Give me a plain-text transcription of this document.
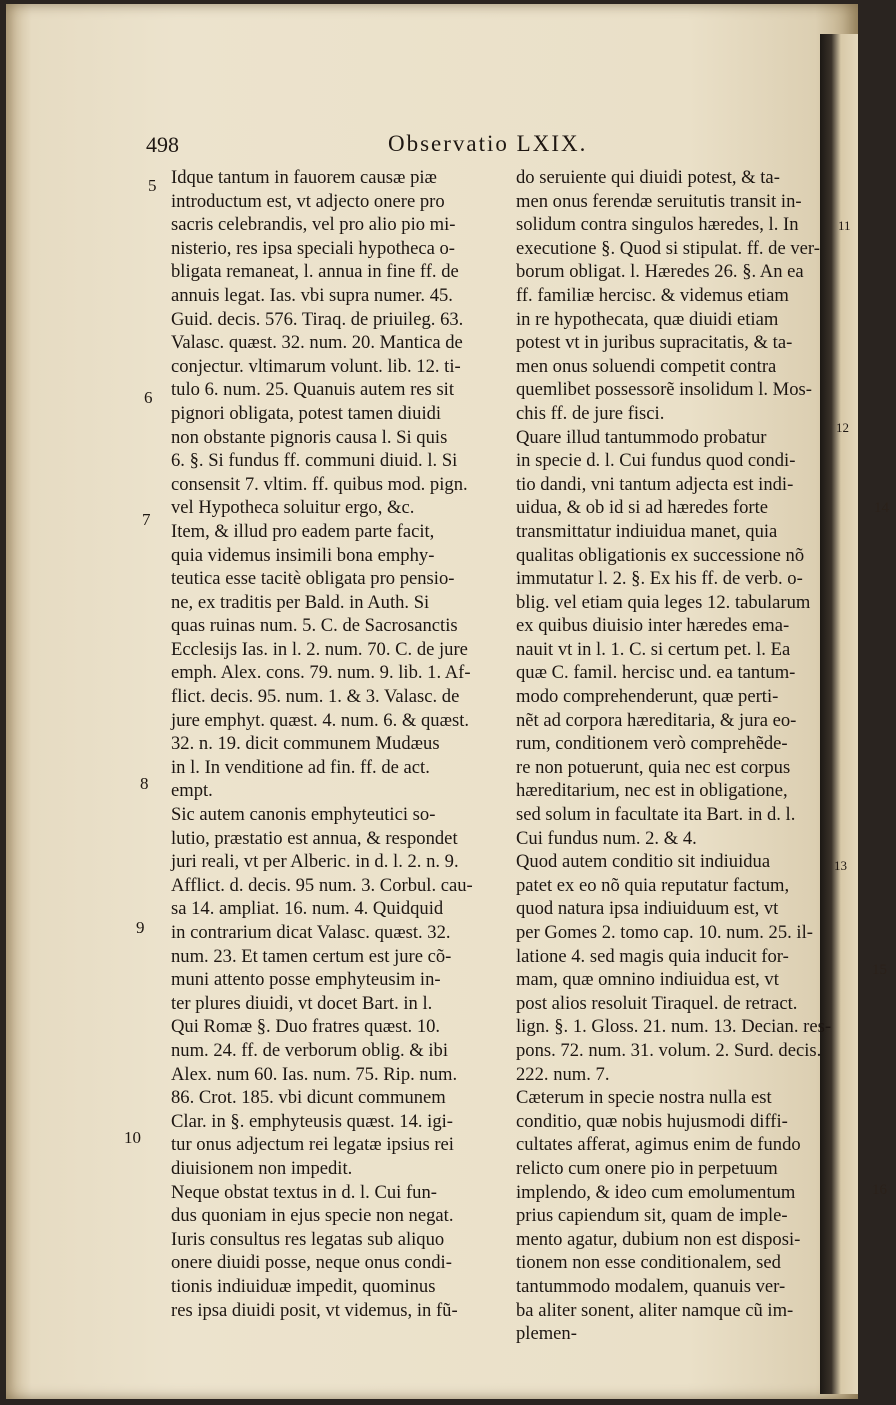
498	Observatio LXIX.
Idque tantum in fauorem causæ piæ
introductum est, vt adjecto onere pro
sacris celebrandis, vel pro alio pio mi-
nisterio, res ipsa speciali hypotheca o-
bligata remaneat, l. annua in fine ff. de
annuis legat. Ias. vbi supra numer. 45.
Guid. decis. 576. Tiraq. de priuileg. 63.
Valasc. quæst. 32. num. 20. Mantica de
conjectur. vltimarum volunt. lib. 12. ti-
tulo 6. num. 25. Quanuis autem res sit
pignori obligata, potest tamen diuidi
non obstante pignoris causa l. Si quis
6. §. Si fundus ff. communi diuid. l. Si
consensit 7. vltim. ff. quibus mod. pign.
vel Hypotheca soluitur ergo, &c.
Item, & illud pro eadem parte facit,
quia videmus insimili bona emphy-
teutica esse tacitè obligata pro pensio-
ne, ex traditis per Bald. in Auth. Si
quas ruinas num. 5. C. de Sacrosanctis
Ecclesijs Ias. in l. 2. num. 70. C. de jure
emph. Alex. cons. 79. num. 9. lib. 1. Af-
flict. decis. 95. num. 1. & 3. Valasc. de
jure emphyt. quæst. 4. num. 6. & quæst.
32. n. 19. dicit communem Mudæus
in l. In venditione ad fin. ff. de act.
empt.
Sic autem canonis emphyteutici so-
lutio, præstatio est annua, & respondet
juri reali, vt per Alberic. in d. l. 2. n. 9.
Afflict. d. decis. 95 num. 3. Corbul. cau-
sa 14. ampliat. 16. num. 4. Quidquid
in contrarium dicat Valasc. quæst. 32.
num. 23. Et tamen certum est jure cõ-
muni attento posse emphyteusim in-
ter plures diuidi, vt docet Bart. in l.
Qui Romæ §. Duo fratres quæst. 10.
num. 24. ff. de verborum oblig. & ibi
Alex. num 60. Ias. num. 75. Rip. num.
86. Crot. 185. vbi dicunt communem
Clar. in §. emphyteusis quæst. 14. igi-
tur onus adjectum rei legatæ ipsius rei
diuisionem non impedit.
Neque obstat textus in d. l. Cui fun-
dus quoniam in ejus specie non negat.
Iuris consultus res legatas sub aliquo
onere diuidi posse, neque onus condi-
tionis indiuiduæ impedit, quominus
res ipsa diuidi posit, vt videmus, in fũ-
do seruiente qui diuidi potest, & ta-
men onus ferendæ seruitutis transit in-
solidum contra singulos hæredes, l. In
executione §. Quod si stipulat. ff. de ver-
borum obligat. l. Hæredes 26. §. An ea
ff. familiæ hercisc. & videmus etiam
in re hypothecata, quæ diuidi etiam
potest vt in juribus supracitatis, & ta-
men onus soluendi competit contra
quemlibet possessorẽ insolidum l. Mos-
chis ff. de jure fisci.
Quare illud tantummodo probatur
in specie d. l. Cui fundus quod condi-
tio dandi, vni tantum adjecta est indi-
uidua, & ob id si ad hæredes forte
transmittatur indiuidua manet, quia
qualitas obligationis ex successione nõ
immutatur l. 2. §. Ex his ff. de verb. o-
blig. vel etiam quia leges 12. tabularum
ex quibus diuisio inter hæredes ema-
nauit vt in l. 1. C. si certum pet. l. Ea
quæ C. famil. hercisc und. ea tantum-
modo comprehenderunt, quæ perti-
nẽt ad corpora hæreditaria, & jura eo-
rum, conditionem verò comprehẽde-
re non potuerunt, quia nec est corpus
hæreditarium, nec est in obligatione,
sed solum in facultate ita Bart. in d. l.
Cui fundus num. 2. & 4.
Quod autem conditio sit indiuidua
patet ex eo nõ quia reputatur factum,
quod natura ipsa indiuiduum est, vt
per Gomes 2. tomo cap. 10. num. 25. il-
latione 4. sed magis quia inducit for-
mam, quæ omnino indiuidua est, vt
post alios resoluit Tiraquel. de retract.
lign. §. 1. Gloss. 21. num. 13. Decian. res-
pons. 72. num. 31. volum. 2. Surd. decis.
222. num. 7.
Cæterum in specie nostra nulla est
conditio, quæ nobis hujusmodi diffi-
cultates afferat, agimus enim de fundo
relicto cum onere pio in perpetuum
implendo, & ideo cum emolumentum
prius capiendum sit, quam de imple-
mento agatur, dubium non est disposi-
tionem non esse conditionalem, sed
tantummodo modalem, quanuis ver-
ba aliter sonent, aliter namque cũ im-
plemen-
5
6
7
8
9
10
11
12
13
14
15
16
